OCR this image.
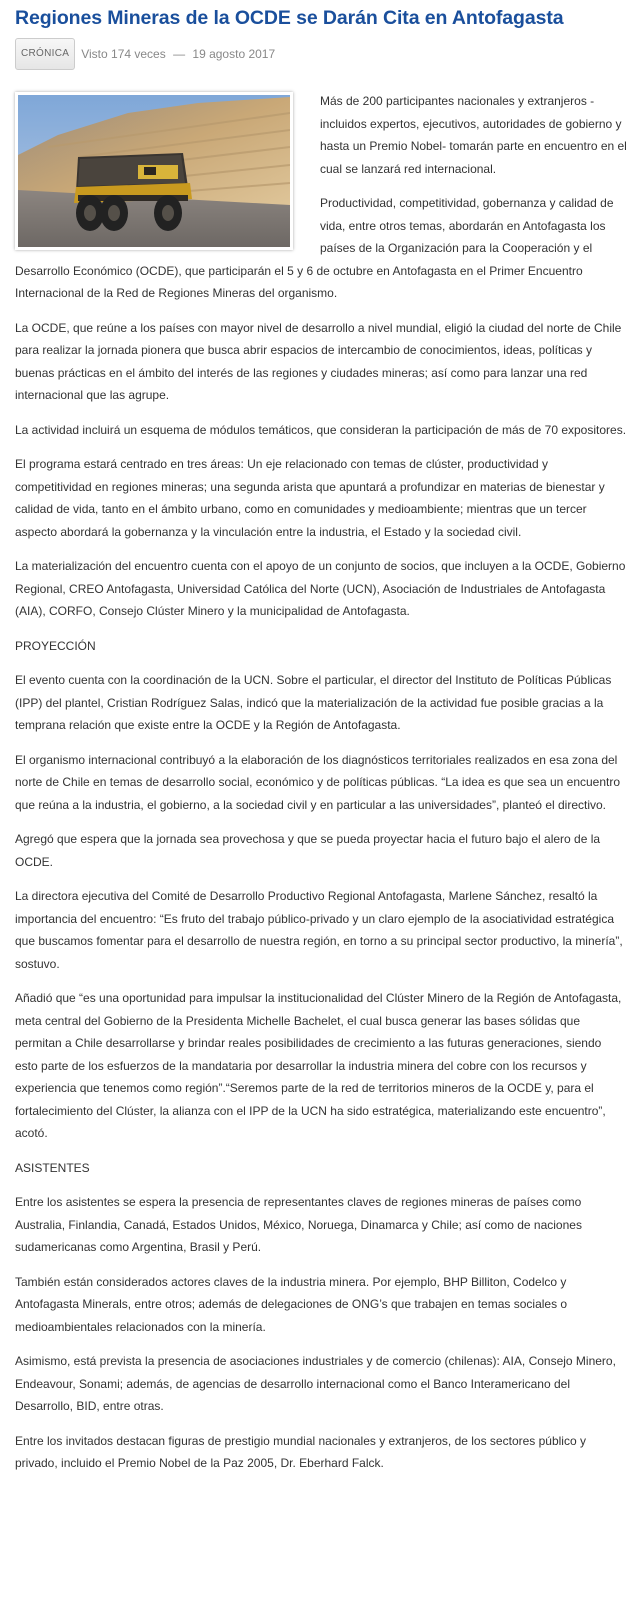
Regiones Mineras de la OCDE se Darán Cita en Antofagasta
CRÓNICA	Visto 174 veces — 19 agosto 2017

Más de 200 participantes nacionales y extranjeros -incluidos expertos, ejecutivos, autoridades de gobierno y hasta un Premio Nobel- tomarán parte en encuentro en el cual se lanzará red internacional.

Productividad, competitividad, gobernanza y calidad de vida, entre otros temas, abordarán en Antofagasta los países de la Organización para la Cooperación y el Desarrollo Económico (OCDE), que participarán el 5 y 6 de octubre en Antofagasta en el Primer Encuentro Internacional de la Red de Regiones Mineras del organismo.

La OCDE, que reúne a los países con mayor nivel de desarrollo a nivel mundial, eligió la ciudad del norte de Chile para realizar la jornada pionera que busca abrir espacios de intercambio de conocimientos, ideas, políticas y buenas prácticas en el ámbito del interés de las regiones y ciudades mineras; así como para lanzar una red internacional que las agrupe.

La actividad incluirá un esquema de módulos temáticos, que consideran la participación de más de 70 expositores.

El programa estará centrado en tres áreas: Un eje relacionado con temas de clúster, productividad y competitividad en regiones mineras; una segunda arista que apuntará a profundizar en materias de bienestar y calidad de vida, tanto en el ámbito urbano, como en comunidades y medioambiente; mientras que un tercer aspecto abordará la gobernanza y la vinculación entre la industria, el Estado y la sociedad civil.

La materialización del encuentro cuenta con el apoyo de un conjunto de socios, que incluyen a la OCDE, Gobierno Regional, CREO Antofagasta, Universidad Católica del Norte (UCN), Asociación de Industriales de Antofagasta (AIA), CORFO, Consejo Clúster Minero y la municipalidad de Antofagasta.

PROYECCIÓN

El evento cuenta con la coordinación de la UCN. Sobre el particular, el director del Instituto de Políticas Públicas (IPP) del plantel, Cristian Rodríguez Salas, indicó que la materialización de la actividad fue posible gracias a la temprana relación que existe entre la OCDE y la Región de Antofagasta.

El organismo internacional contribuyó a la elaboración de los diagnósticos territoriales realizados en esa zona del norte de Chile en temas de desarrollo social, económico y de políticas públicas. “La idea es que sea un encuentro que reúna a la industria, el gobierno, a la sociedad civil y en particular a las universidades”, planteó el directivo.

Agregó que espera que la jornada sea provechosa y que se pueda proyectar hacia el futuro bajo el alero de la OCDE.

La directora ejecutiva del Comité de Desarrollo Productivo Regional Antofagasta, Marlene Sánchez, resaltó la importancia del encuentro: “Es fruto del trabajo público-privado y un claro ejemplo de la asociatividad estratégica que buscamos fomentar para el desarrollo de nuestra región, en torno a su principal sector productivo, la minería”, sostuvo.

Añadió que “es una oportunidad para impulsar la institucionalidad del Clúster Minero de la Región de Antofagasta, meta central del Gobierno de la Presidenta Michelle Bachelet, el cual busca generar las bases sólidas que permitan a Chile desarrollarse y brindar reales posibilidades de crecimiento a las futuras generaciones, siendo esto parte de los esfuerzos de la mandataria por desarrollar la industria minera del cobre con los recursos y experiencia que tenemos como región”.“Seremos parte de la red de territorios mineros de la OCDE y, para el fortalecimiento del Clúster, la alianza con el IPP de la UCN ha sido estratégica, materializando este encuentro”, acotó.

ASISTENTES

Entre los asistentes se espera la presencia de representantes claves de regiones mineras de países como Australia, Finlandia, Canadá, Estados Unidos, México, Noruega, Dinamarca y Chile; así como de naciones sudamericanas como Argentina, Brasil y Perú.

También están considerados actores claves de la industria minera. Por ejemplo, BHP Billiton, Codelco y Antofagasta Minerals, entre otros; además de delegaciones de ONG’s que trabajen en temas sociales o medioambientales relacionados con la minería.

Asimismo, está prevista la presencia de asociaciones industriales y de comercio (chilenas): AIA, Consejo Minero, Endeavour, Sonami; además, de agencias de desarrollo internacional como el Banco Interamericano del Desarrollo, BID, entre otras.

Entre los invitados destacan figuras de prestigio mundial nacionales y extranjeros, de los sectores público y privado, incluido el Premio Nobel de la Paz 2005, Dr. Eberhard Falck.
